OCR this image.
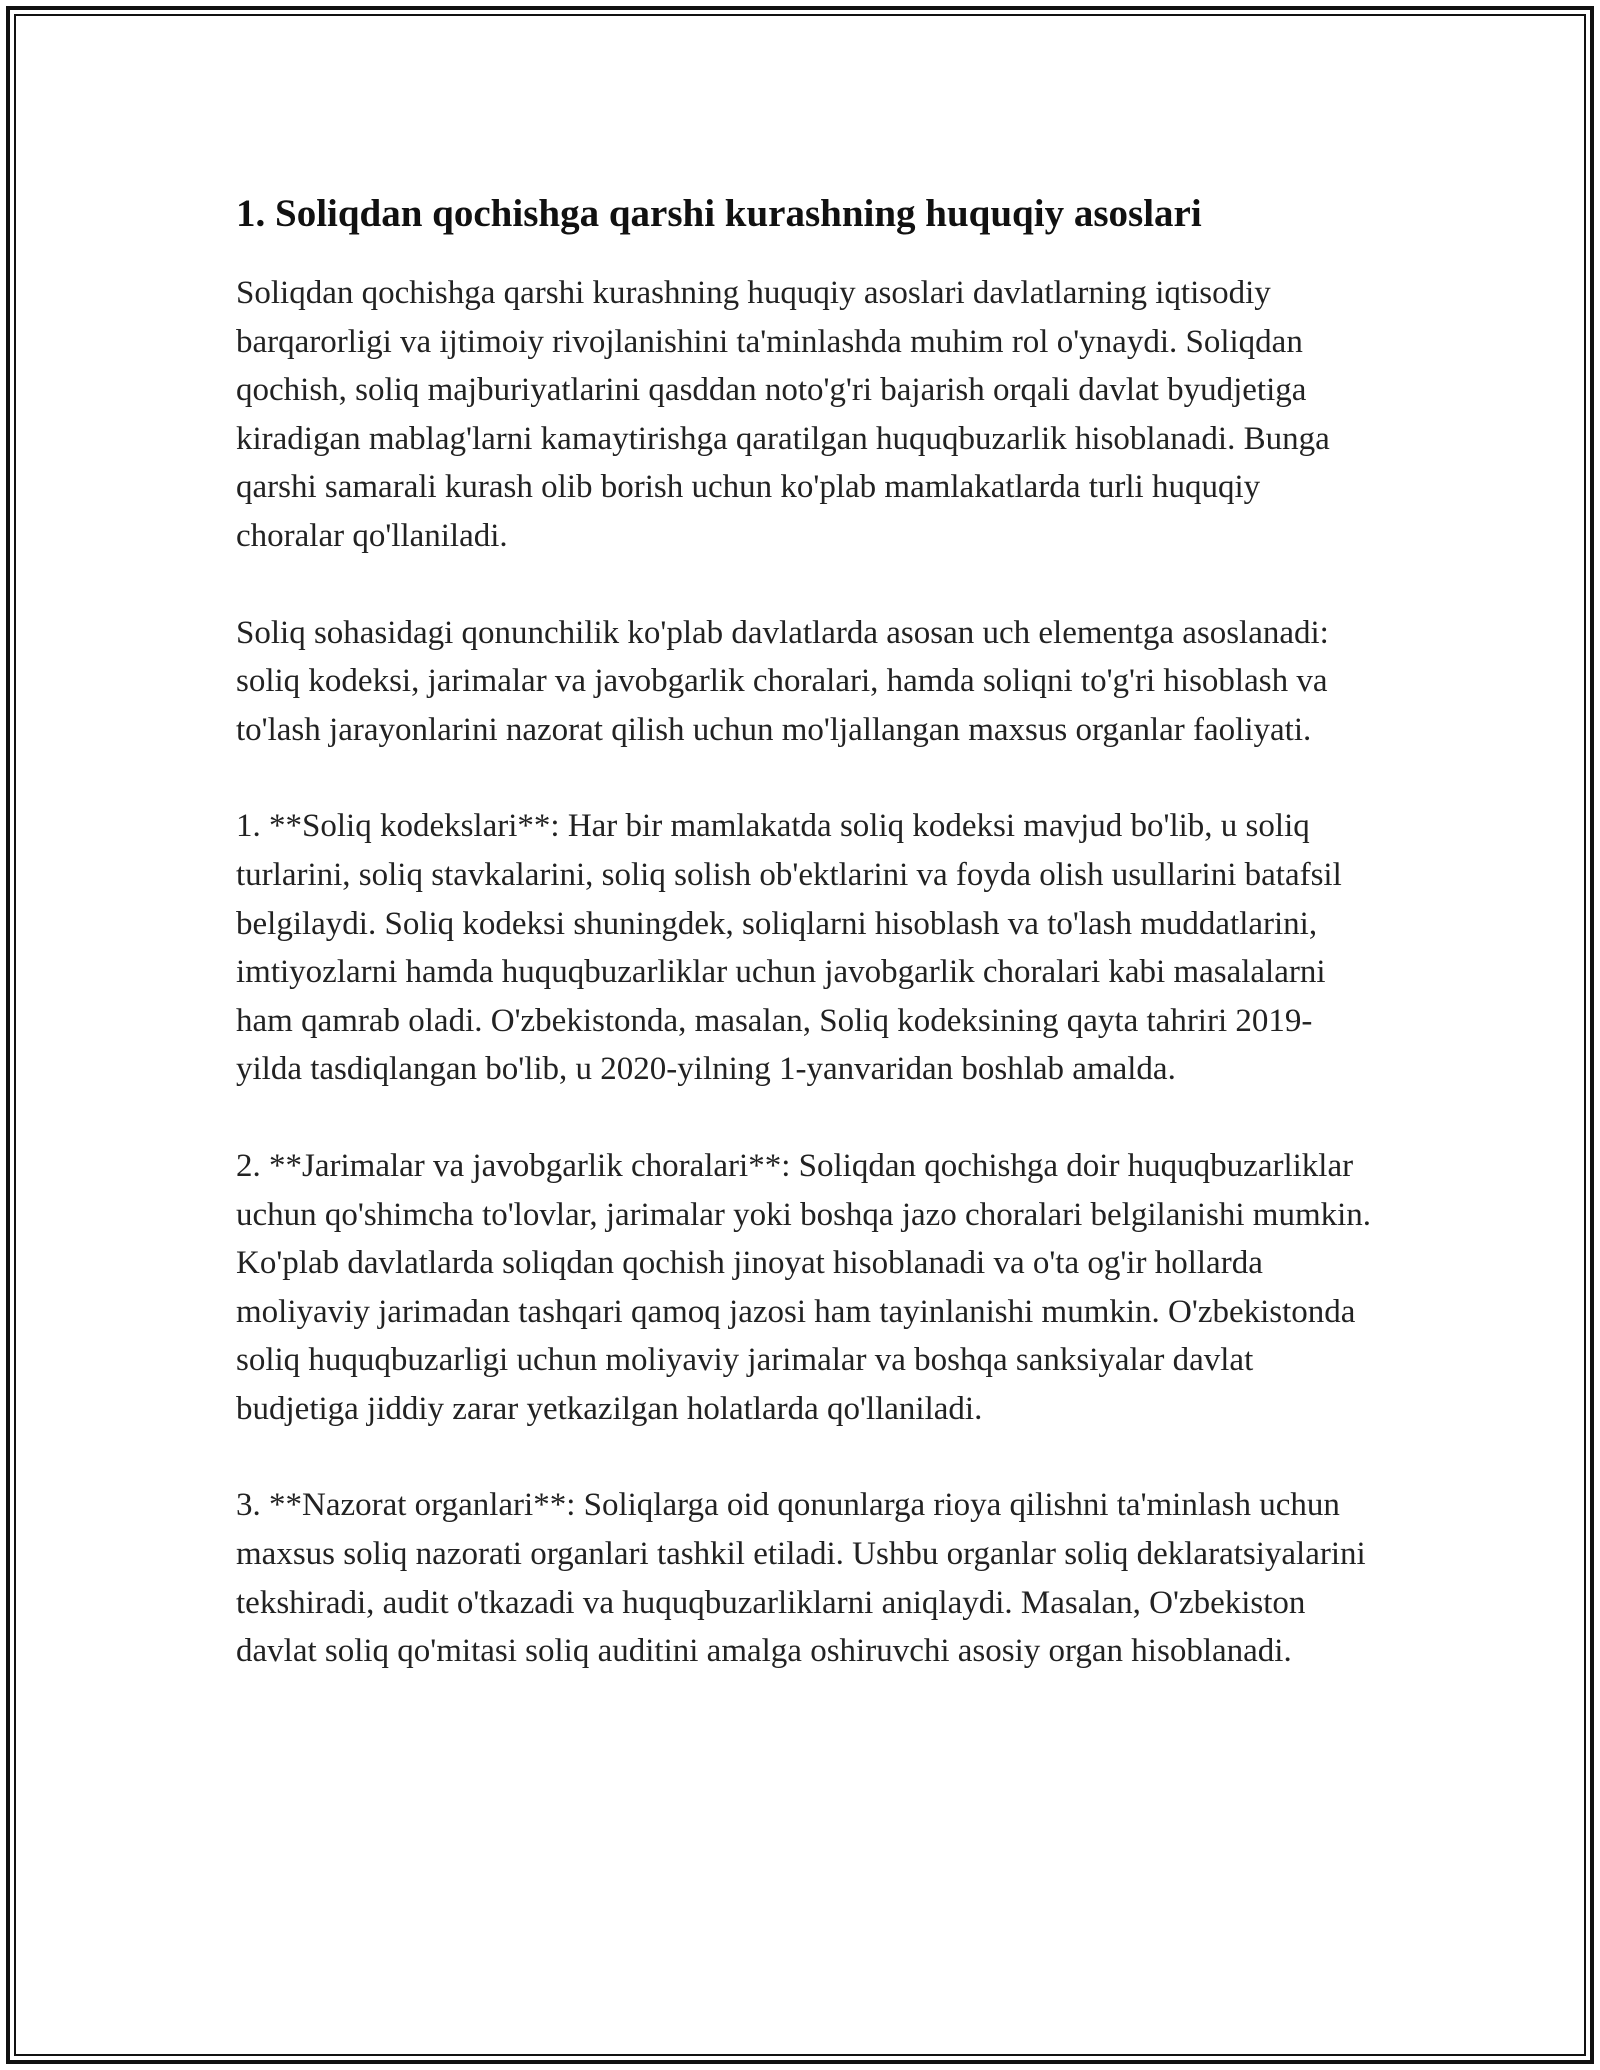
1. Soliqdan qochishga qarshi kurashning huquqiy asoslari

Soliqdan qochishga qarshi kurashning huquqiy asoslari davlatlarning iqtisodiy barqarorligi va ijtimoiy rivojlanishini ta'minlashda muhim rol o'ynaydi. Soliqdan qochish, soliq majburiyatlarini qasddan noto'g'ri bajarish orqali davlat byudjetiga kiradigan mablag'larni kamaytirishga qaratilgan huquqbuzarlik hisoblanadi. Bunga qarshi samarali kurash olib borish uchun ko'plab mamlakatlarda turli huquqiy choralar qo'llaniladi.

Soliq sohasidagi qonunchilik ko'plab davlatlarda asosan uch elementga asoslanadi: soliq kodeksi, jarimalar va javobgarlik choralari, hamda soliqni to'g'ri hisoblash va to'lash jarayonlarini nazorat qilish uchun mo'ljallangan maxsus organlar faoliyati.

1. **Soliq kodekslari**: Har bir mamlakatda soliq kodeksi mavjud bo'lib, u soliq turlarini, soliq stavkalarini, soliq solish ob'ektlarini va foyda olish usullarini batafsil belgilaydi. Soliq kodeksi shuningdek, soliqlarni hisoblash va to'lash muddatlarini, imtiyozlarni hamda huquqbuzarliklar uchun javobgarlik choralari kabi masalalarni ham qamrab oladi. O'zbekistonda, masalan, Soliq kodeksining qayta tahriri 2019-yilda tasdiqlangan bo'lib, u 2020-yilning 1-yanvaridan boshlab amalda.

2. **Jarimalar va javobgarlik choralari**: Soliqdan qochishga doir huquqbuzarliklar uchun qo'shimcha to'lovlar, jarimalar yoki boshqa jazo choralari belgilanishi mumkin. Ko'plab davlatlarda soliqdan qochish jinoyat hisoblanadi va o'ta og'ir hollarda moliyaviy jarimadan tashqari qamoq jazosi ham tayinlanishi mumkin. O'zbekistonda soliq huquqbuzarligi uchun moliyaviy jarimalar va boshqa sanksiyalar davlat budjetiga jiddiy zarar yetkazilgan holatlarda qo'llaniladi.

3. **Nazorat organlari**: Soliqlarga oid qonunlarga rioya qilishni ta'minlash uchun maxsus soliq nazorati organlari tashkil etiladi. Ushbu organlar soliq deklaratsiyalarini tekshiradi, audit o'tkazadi va huquqbuzarliklarni aniqlaydi. Masalan, O'zbekiston davlat soliq qo'mitasi soliq auditini amalga oshiruvchi asosiy organ hisoblanadi.
